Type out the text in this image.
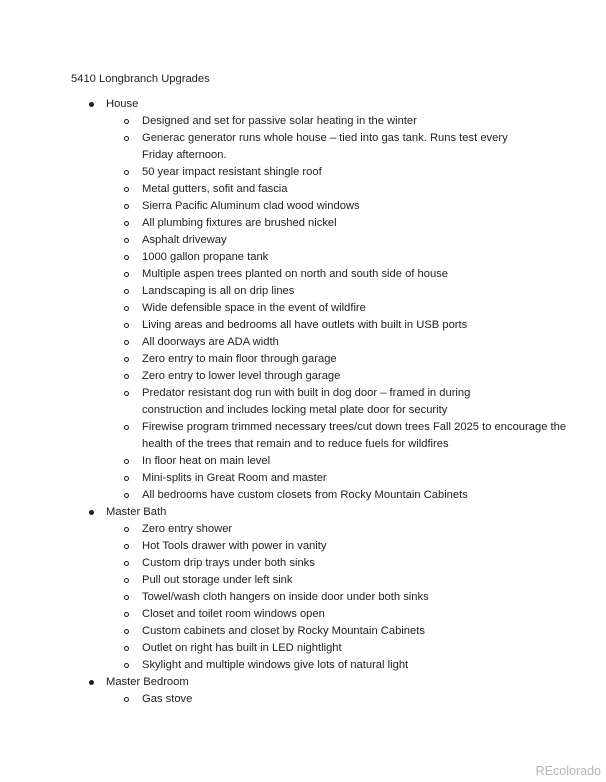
5410 Longbranch Upgrades
House
Designed and set for passive solar heating in the winter
Generac generator runs whole house – tied into gas tank. Runs test every Friday afternoon.
50 year impact resistant shingle roof
Metal gutters, sofit and fascia
Sierra Pacific Aluminum clad wood windows
All plumbing fixtures are brushed nickel
Asphalt driveway
1000 gallon propane tank
Multiple aspen trees planted on north and south side of house
Landscaping is all on drip lines
Wide defensible space in the event of wildfire
Living areas and bedrooms all have outlets with built in USB ports
All doorways are ADA width
Zero entry to main floor through garage
Zero entry to lower level through garage
Predator resistant dog run with built in dog door – framed in during construction and includes locking metal plate door for security
Firewise program trimmed necessary trees/cut down trees Fall 2025 to encourage the health of the trees that remain and to reduce fuels for wildfires
In floor heat on main level
Mini-splits in Great Room and master
All bedrooms have custom closets from Rocky Mountain Cabinets
Master Bath
Zero entry shower
Hot Tools drawer with power in vanity
Custom drip trays under both sinks
Pull out storage under left sink
Towel/wash cloth hangers on inside door under both sinks
Closet and toilet room windows open
Custom cabinets and closet by Rocky Mountain Cabinets
Outlet on right has built in LED nightlight
Skylight and multiple windows give lots of natural light
Master Bedroom
Gas stove
REcolorado
